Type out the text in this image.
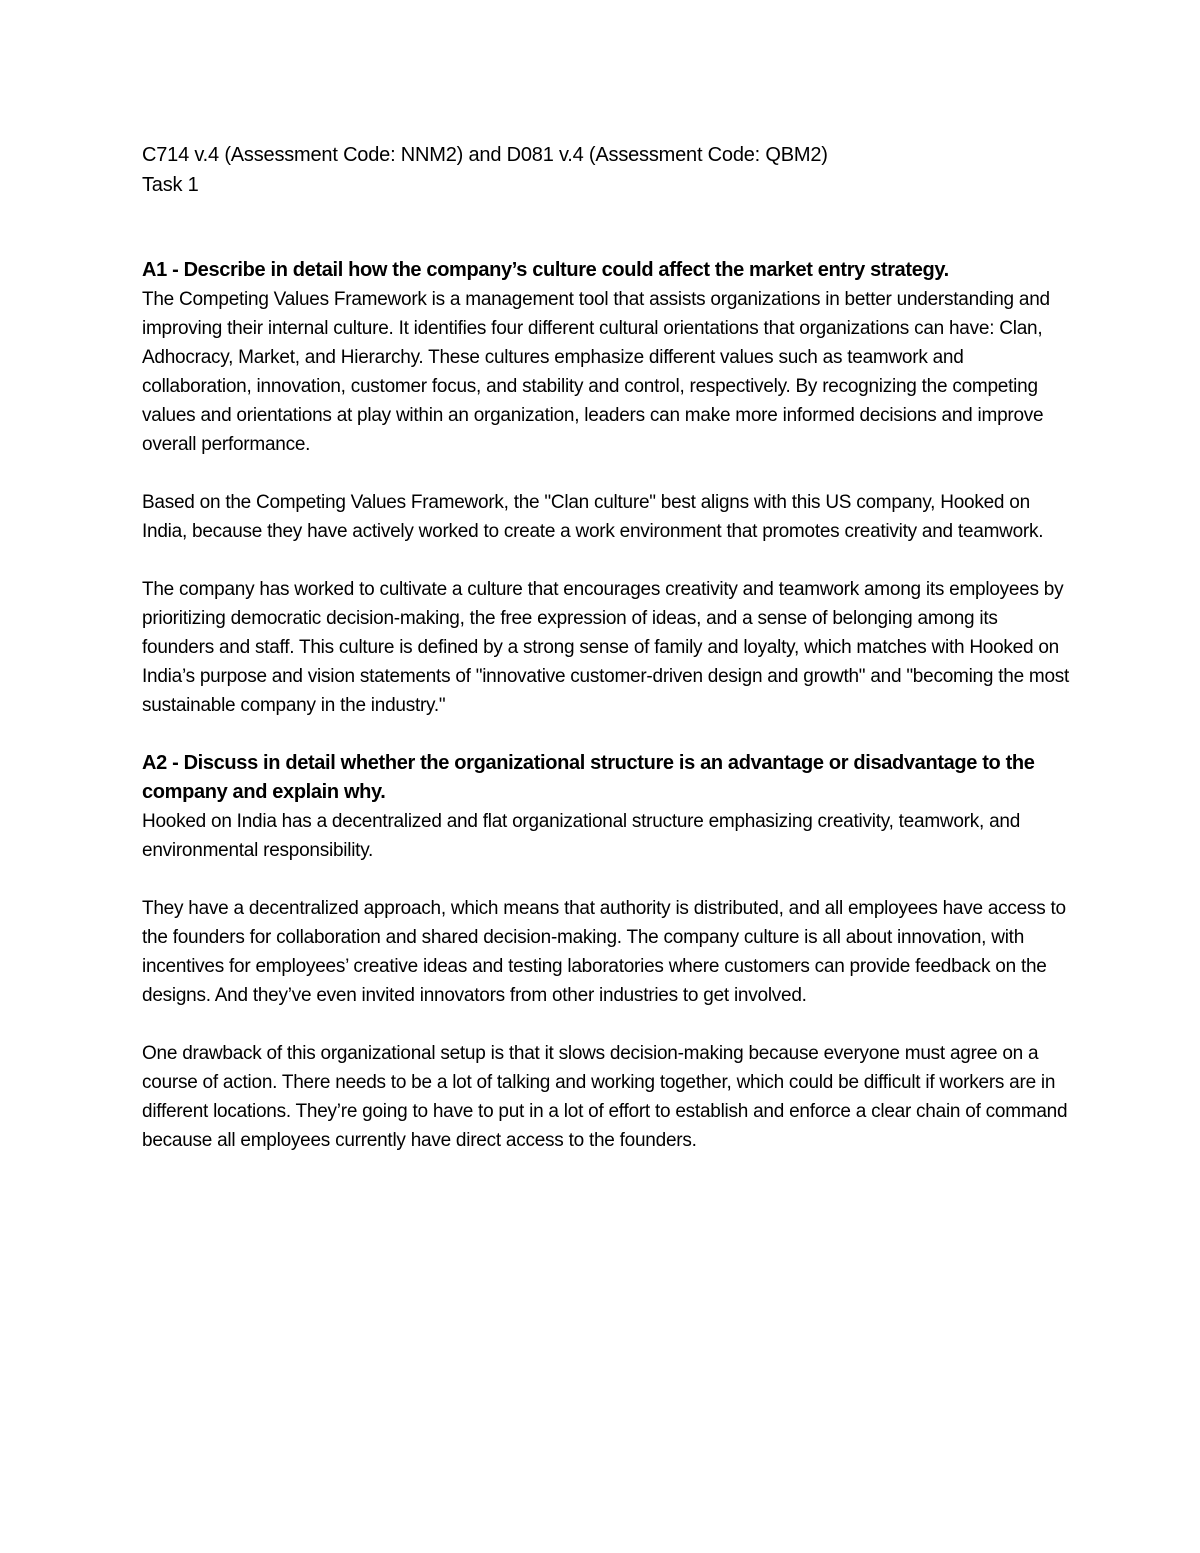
C714 v.4 (Assessment Code: NNM2) and D081 v.4 (Assessment Code: QBM2)

Task 1

A1 - Describe in detail how the company’s culture could affect the market entry strategy.

The Competing Values Framework is a management tool that assists organizations in better understanding and improving their internal culture. It identifies four different cultural orientations that organizations can have: Clan, Adhocracy, Market, and Hierarchy. These cultures emphasize different values such as teamwork and collaboration, innovation, customer focus, and stability and control, respectively. By recognizing the competing values and orientations at play within an organization, leaders can make more informed decisions and improve overall performance.

Based on the Competing Values Framework, the "Clan culture" best aligns with this US company, Hooked on India, because they have actively worked to create a work environment that promotes creativity and teamwork.

The company has worked to cultivate a culture that encourages creativity and teamwork among its employees by prioritizing democratic decision-making, the free expression of ideas, and a sense of belonging among its founders and staff. This culture is defined by a strong sense of family and loyalty, which matches with Hooked on India’s purpose and vision statements of "innovative customer-driven design and growth" and "becoming the most sustainable company in the industry."

A2 - Discuss in detail whether the organizational structure is an advantage or disadvantage to the company and explain why.

Hooked on India has a decentralized and flat organizational structure emphasizing creativity, teamwork, and environmental responsibility.

They have a decentralized approach, which means that authority is distributed, and all employees have access to the founders for collaboration and shared decision-making. The company culture is all about innovation, with incentives for employees’ creative ideas and testing laboratories where customers can provide feedback on the designs. And they’ve even invited innovators from other industries to get involved.

One drawback of this organizational setup is that it slows decision-making because everyone must agree on a course of action. There needs to be a lot of talking and working together, which could be difficult if workers are in different locations. They’re going to have to put in a lot of effort to establish and enforce a clear chain of command because all employees currently have direct access to the founders.
